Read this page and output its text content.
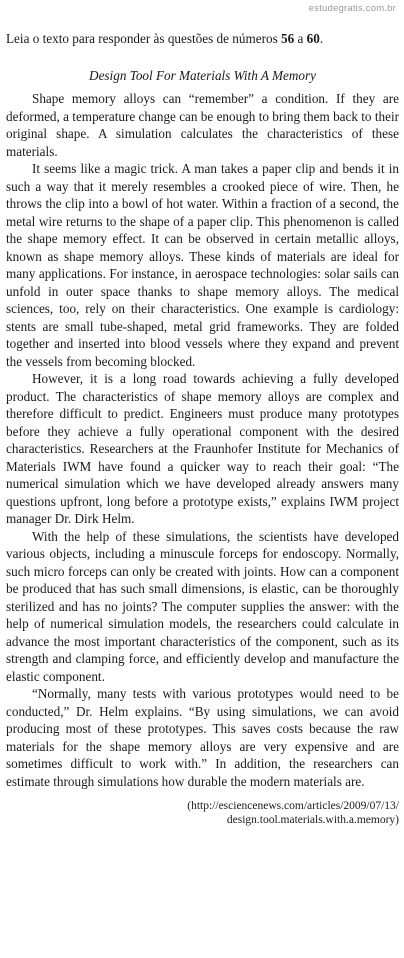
estudegratis.com.br

Leia o texto para responder às questões de números 56 a 60.

Design Tool For Materials With A Memory

Shape memory alloys can “remember” a condition. If they are deformed, a temperature change can be enough to bring them back to their original shape. A simulation calculates the characteristics of these materials.

It seems like a magic trick. A man takes a paper clip and bends it in such a way that it merely resembles a crooked piece of wire. Then, he throws the clip into a bowl of hot water. Within a fraction of a second, the metal wire returns to the shape of a paper clip. This phenomenon is called the shape memory effect. It can be observed in certain metallic alloys, known as shape memory alloys. These kinds of materials are ideal for many applications. For instance, in aerospace technologies: solar sails can unfold in outer space thanks to shape memory alloys. The medical sciences, too, rely on their characteristics. One example is cardiology: stents are small tube-shaped, metal grid frameworks. They are folded together and inserted into blood vessels where they expand and prevent the vessels from becoming blocked.

However, it is a long road towards achieving a fully developed product. The characteristics of shape memory alloys are complex and therefore difficult to predict. Engineers must produce many prototypes before they achieve a fully operational component with the desired characteristics. Researchers at the Fraunhofer Institute for Mechanics of Materials IWM have found a quicker way to reach their goal: “The numerical simulation which we have developed already answers many questions upfront, long before a prototype exists,” explains IWM project manager Dr. Dirk Helm.

With the help of these simulations, the scientists have developed various objects, including a minuscule forceps for endoscopy. Normally, such micro forceps can only be created with joints. How can a component be produced that has such small dimensions, is elastic, can be thoroughly sterilized and has no joints? The computer supplies the answer: with the help of numerical simulation models, the researchers could calculate in advance the most important characteristics of the component, such as its strength and clamping force, and efficiently develop and manufacture the elastic component.

“Normally, many tests with various prototypes would need to be conducted,” Dr. Helm explains. “By using simulations, we can avoid producing most of these prototypes. This saves costs because the raw materials for the shape memory alloys are very expensive and are sometimes difficult to work with.” In addition, the researchers can estimate through simulations how durable the modern materials are.

(http://esciencenews.com/articles/2009/07/13/
design.tool.materials.with.a.memory)
